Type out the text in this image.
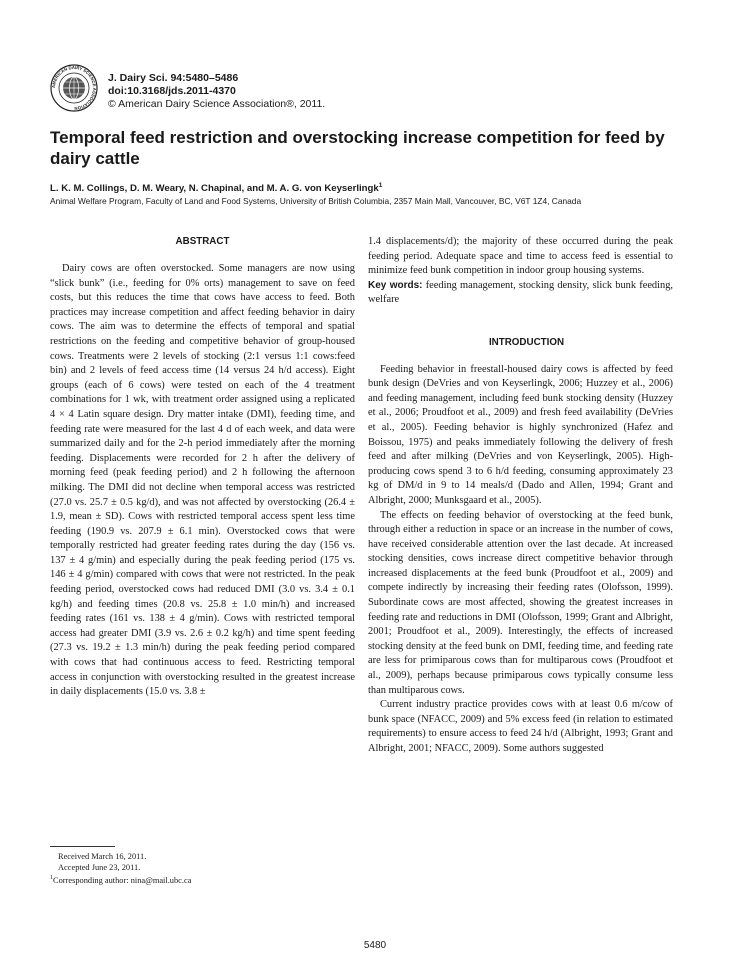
AMERICAN DAIRY SCIENCE ASSOCIATION
J. Dairy Sci. 94:5480–5486
doi:10.3168/jds.2011-4370
© American Dairy Science Association®, 2011.
Temporal feed restriction and overstocking increase competition for feed by dairy cattle
L. K. M. Collings, D. M. Weary, N. Chapinal, and M. A. G. von Keyserlingk$^1$
Animal Welfare Program, Faculty of Land and Food Systems, University of British Columbia, 2357 Main Mall, Vancouver, BC, V6T 1Z4, Canada

ABSTRACT

Dairy cows are often overstocked. Some managers are now using “slick bunk” (i.e., feeding for 0% orts) management to save on feed costs, but this reduces the time that cows have access to feed. Both practices may increase competition and affect feeding behavior in dairy cows. The aim was to determine the effects of temporal and spatial restrictions on the feeding and competitive behavior of group-housed cows. Treatments were 2 levels of stocking (2:1 versus 1:1 cows:feed bin) and 2 levels of feed access time (14 versus 24 h/d access). Eight groups (each of 6 cows) were tested on each of the 4 treatment combinations for 1 wk, with treatment order assigned using a replicated 4 × 4 Latin square design. Dry matter intake (DMI), feeding time, and feeding rate were measured for the last 4 d of each week, and data were summarized daily and for the 2-h period immediately after the morning feeding. Displacements were recorded for 2 h after the delivery of morning feed (peak feeding period) and 2 h following the afternoon milking. The DMI did not decline when temporal access was restricted (27.0 vs. 25.7 ± 0.5 kg/d), and was not affected by overstocking (26.4 ± 1.9, mean ± SD). Cows with restricted temporal access spent less time feeding (190.9 vs. 207.9 ± 6.1 min). Overstocked cows that were temporally restricted had greater feeding rates during the day (156 vs. 137 ± 4 g/min) and especially during the peak feeding period (175 vs. 146 ± 4 g/min) compared with cows that were not restricted. In the peak feeding period, overstocked cows had reduced DMI (3.0 vs. 3.4 ± 0.1 kg/h) and feeding times (20.8 vs. 25.8 ± 1.0 min/h) and increased feeding rates (161 vs. 138 ± 4 g/min). Cows with restricted temporal access had greater DMI (3.9 vs. 2.6 ± 0.2 kg/h) and time spent feeding (27.3 vs. 19.2 ± 1.3 min/h) during the peak feeding period compared with cows that had continuous access to feed. Restricting temporal access in conjunction with overstocking resulted in the greatest increase in daily displacements (15.0 vs. 3.8 ±

1.4 displacements/d); the majority of these occurred during the peak feeding period. Adequate space and time to access feed is essential to minimize feed bunk competition in indoor group housing systems.

Key words: feeding management, stocking density, slick bunk feeding, welfare

INTRODUCTION

Feeding behavior in freestall-housed dairy cows is affected by feed bunk design (DeVries and von Keyserlingk, 2006; Huzzey et al., 2006) and feeding management, including feed bunk stocking density (Huzzey et al., 2006; Proudfoot et al., 2009) and fresh feed availability (DeVries et al., 2005). Feeding behavior is highly synchronized (Hafez and Boissou, 1975) and peaks immediately following the delivery of fresh feed and after milking (DeVries and von Keyserlingk, 2005). High-producing cows spend 3 to 6 h/d feeding, consuming approximately 23 kg of DM/d in 9 to 14 meals/d (Dado and Allen, 1994; Grant and Albright, 2000; Munksgaard et al., 2005).

The effects on feeding behavior of overstocking at the feed bunk, through either a reduction in space or an increase in the number of cows, have received considerable attention over the last decade. At increased stocking densities, cows increase direct competitive behavior through increased displacements at the feed bunk (Proudfoot et al., 2009) and compete indirectly by increasing their feeding rates (Olofsson, 1999). Subordinate cows are most affected, showing the greatest increases in feeding rate and reductions in DMI (Olofsson, 1999; Grant and Albright, 2001; Proudfoot et al., 2009). Interestingly, the effects of increased stocking density at the feed bunk on DMI, feeding time, and feeding rate are less for primiparous cows than for multiparous cows (Proudfoot et al., 2009), perhaps because primiparous cows typically consume less than multiparous cows.

Current industry practice provides cows with at least 0.6 m/cow of bunk space (NFACC, 2009) and 5% excess feed (in relation to estimated requirements) to ensure access to feed 24 h/d (Albright, 1993; Grant and Albright, 2001; NFACC, 2009). Some authors suggested

Received March 16, 2011.
Accepted June 23, 2011.
$^1$Corresponding author: nina@mail.ubc.ca
5480
